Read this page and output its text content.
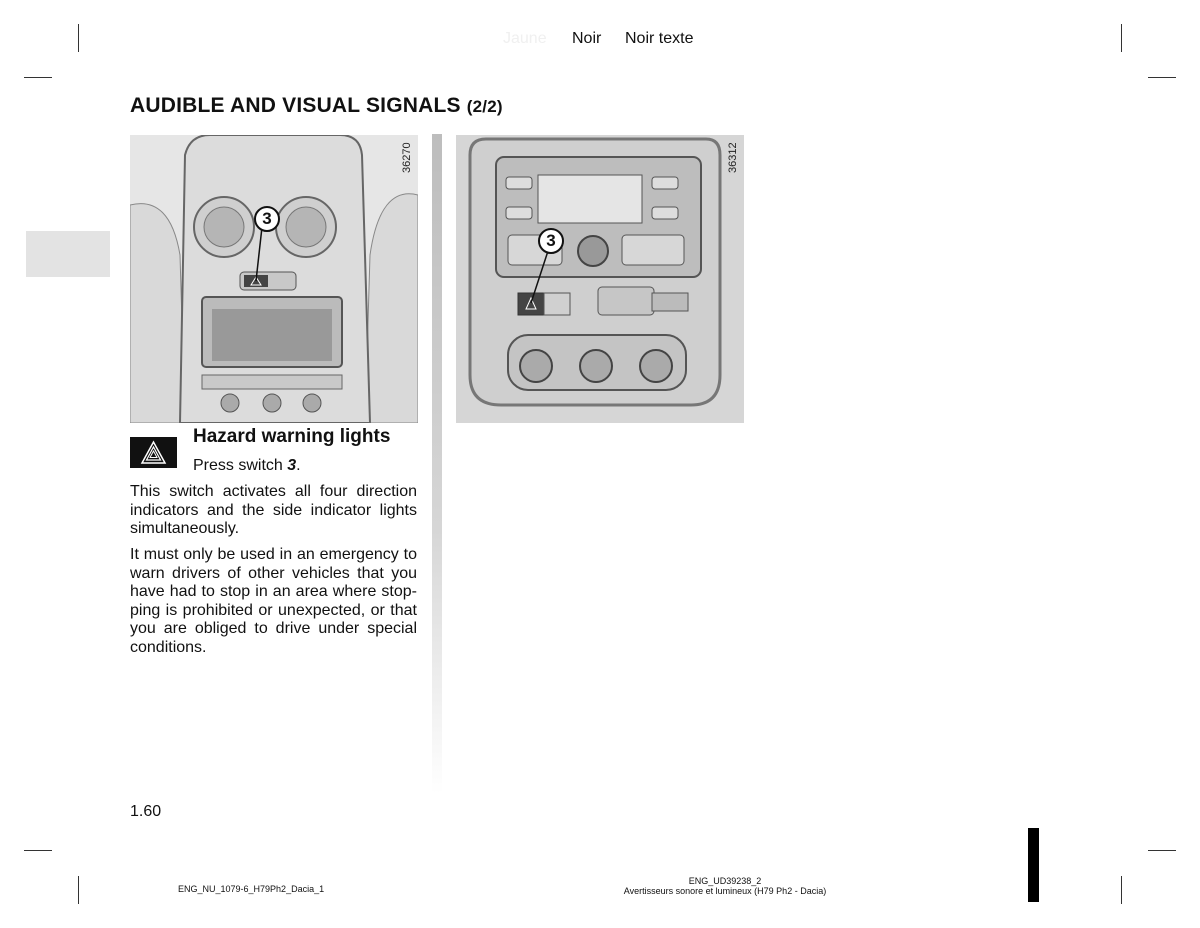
Jaune Noir Noir texte
AUDIBLE AND VISUAL SIGNALS (2/2)
3
36270
3
36312
Hazard warning lights
Press switch 3.
This switch activates all four direction indicators and the side indicator lights simultaneously.
It must only be used in an emergency to warn drivers of other vehicles that you have had to stop in an area where stop-ping is prohibited or unexpected, or that you are obliged to drive under special conditions.
1.60
ENG_NU_1079-6_H79Ph2_Dacia_1
ENG_UD39238_2
Avertisseurs sonore et lumineux (H79 Ph2 - Dacia)
